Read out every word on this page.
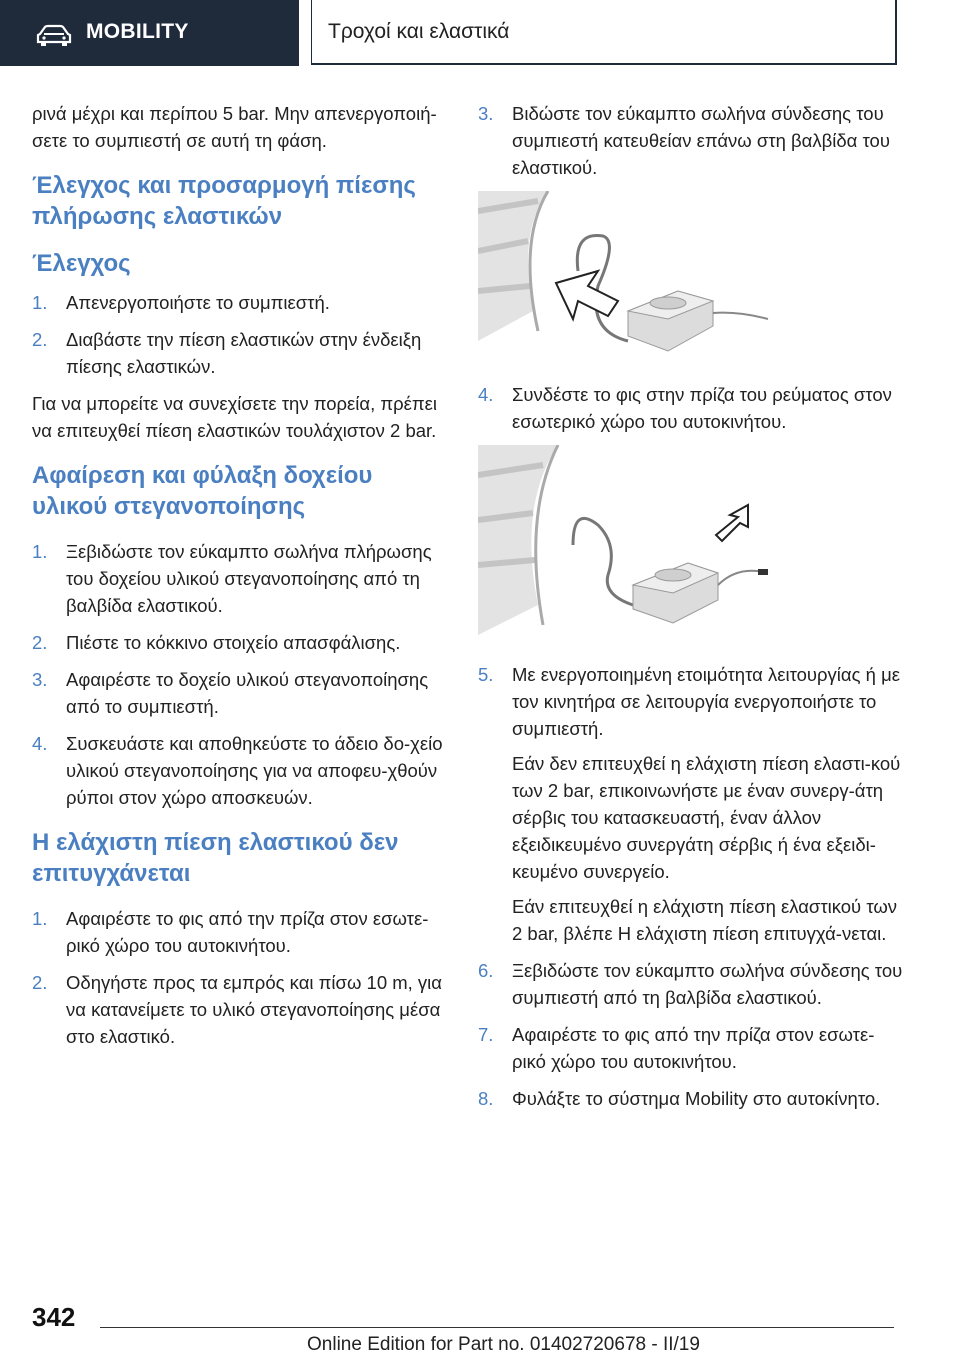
MOBILITY	Τροχοί και ελαστικά

ρινά μέχρι και περίπου 5 bar. Μην απενεργοποιή-σετε το συμπιεστή σε αυτή τη φάση.

Έλεγχος και προσαρμογή πίεσης πλήρωσης ελαστικών
Έλεγχος
1. Απενεργοποιήστε το συμπιεστή.
2. Διαβάστε την πίεση ελαστικών στην ένδειξη πίεσης ελαστικών.

Για να μπορείτε να συνεχίσετε την πορεία, πρέπει να επιτευχθεί πίεση ελαστικών τουλάχιστον 2 bar.

Αφαίρεση και φύλαξη δοχείου υλικού στεγανοποίησης
1. Ξεβιδώστε τον εύκαμπτο σωλήνα πλήρωσης του δοχείου υλικού στεγανοποίησης από τη βαλβίδα ελαστικού.
2. Πιέστε το κόκκινο στοιχείο απασφάλισης.
3. Αφαιρέστε το δοχείο υλικού στεγανοποίησης από το συμπιεστή.
4. Συσκευάστε και αποθηκεύστε το άδειο δο-χείο υλικού στεγανοποίησης για να αποφευ-χθούν ρύποι στον χώρο αποσκευών.
Η ελάχιστη πίεση ελαστικού δεν επιτυγχάνεται
1. Αφαιρέστε το φις από την πρίζα στον εσωτε-ρικό χώρο του αυτοκινήτου.
2. Οδηγήστε προς τα εμπρός και πίσω 10 m, για να κατανείμετε το υλικό στεγανοποίησης μέσα στο ελαστικό.
3. Βιδώστε τον εύκαμπτο σωλήνα σύνδεσης του συμπιεστή κατευθείαν επάνω στη βαλβίδα του ελαστικού.
4. Συνδέστε το φις στην πρίζα του ρεύματος στον εσωτερικό χώρο του αυτοκινήτου.
5. Με ενεργοποιημένη ετοιμότητα λειτουργίας ή με τον κινητήρα σε λειτουργία ενεργοποιήστε το συμπιεστή.
Εάν δεν επιτευχθεί η ελάχιστη πίεση ελαστι-κού των 2 bar, επικοινωνήστε με έναν συνεργ-άτη σέρβις του κατασκευαστή, έναν άλλον εξειδικευμένο συνεργάτη σέρβις ή ένα εξειδι-κευμένο συνεργείο.
Εάν επιτευχθεί η ελάχιστη πίεση ελαστικού των 2 bar, βλέπε Η ελάχιστη πίεση επιτυγχά-νεται.
6. Ξεβιδώστε τον εύκαμπτο σωλήνα σύνδεσης του συμπιεστή από τη βαλβίδα ελαστικού.
7. Αφαιρέστε το φις από την πρίζα στον εσωτε-ρικό χώρο του αυτοκινήτου.
8. Φυλάξτε το σύστημα Mobility στο αυτοκίνητο.
342
Online Edition for Part no. 01402720678 - II/19
